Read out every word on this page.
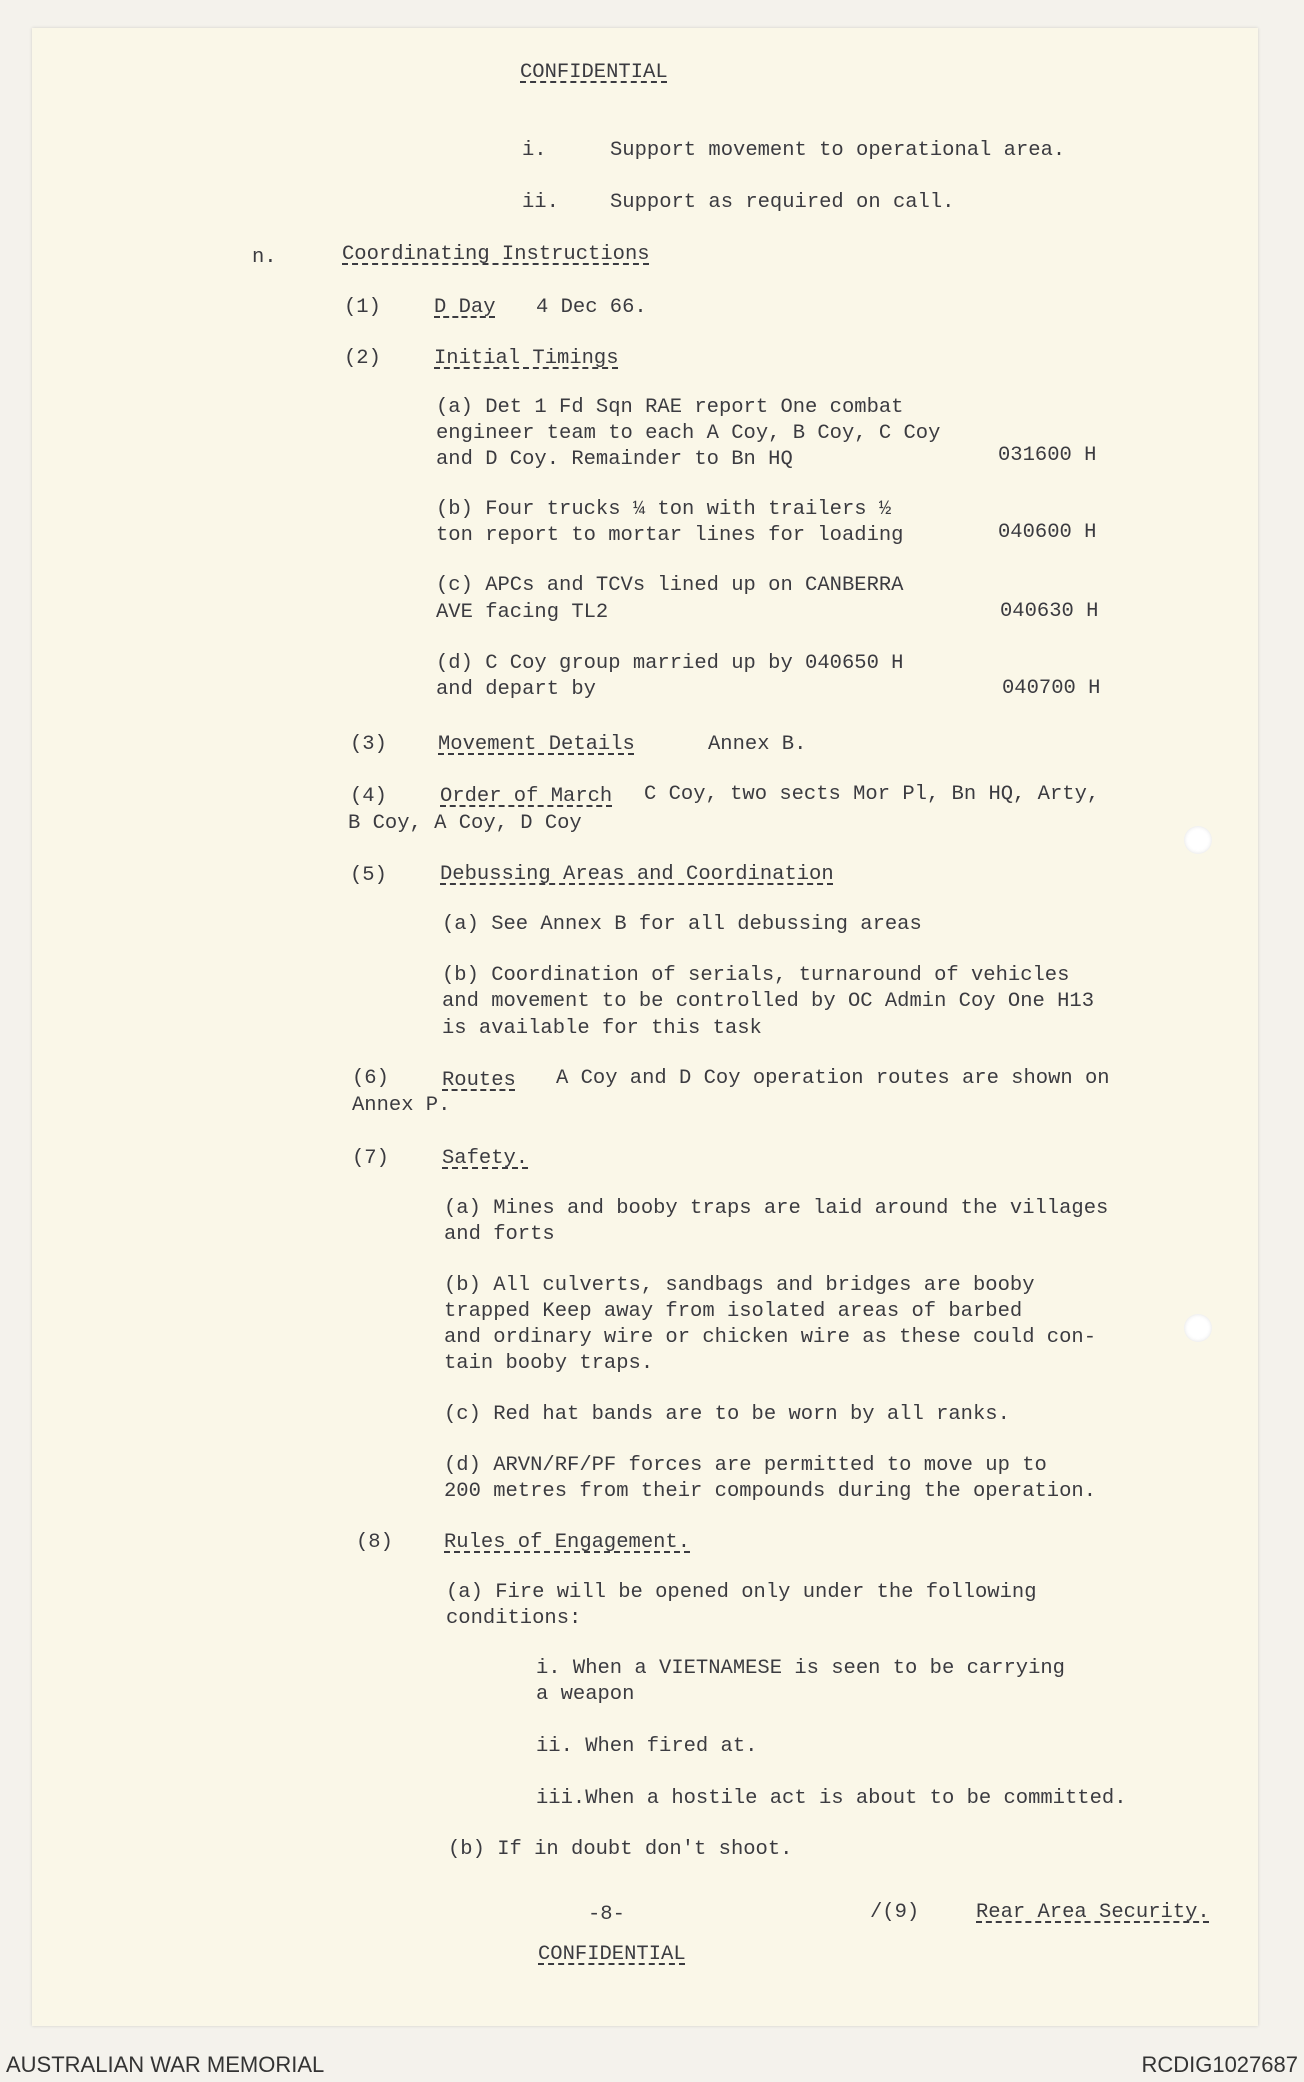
CONFIDENTIAL
i.	Support movement to operational area.
ii. Support as required on call.
n.	Coordinating Instructions
(1)	D Day 4 Dec 66.
(2)	Initial Timings
(a) Det 1 Fd Sqn RAE report One combat
engineer team to each A Coy, B Coy, C Coy
and D Coy. Remainder to Bn HQ	031600 H
(b) Four trucks ¼ ton with trailers ½
ton report to mortar lines for loading	040600 H
(c) APCs and TCVs lined up on CANBERRA
AVE facing TL2	040630 H
(d) C Coy group married up by 040650 H
and depart by	040700 H
(3) Movement Details	Annex B.
(4)	Order of March C Coy, two sects Mor Pl, Bn HQ, Arty,
B Coy, A Coy, D Coy
(5)	Debussing Areas and Coordination
(a) See Annex B for all debussing areas
(b) Coordination of serials, turnaround of vehicles
and movement to be controlled by OC Admin Coy One H13
is available for this task
(6)	Routes A Coy and D Coy operation routes are shown on
Annex P.
(7)	Safety.
(a) Mines and booby traps are laid around the villages
and forts
(b) All culverts, sandbags and bridges are booby
trapped Keep away from isolated areas of barbed
and ordinary wire or chicken wire as these could con-
tain booby traps.
(c) Red hat bands are to be worn by all ranks.
(d) ARVN/RF/PF forces are permitted to move up to
200 metres from their compounds during the operation.
(8) Rules of Engagement.
(a) Fire will be opened only under the following
conditions:
i. When a VIETNAMESE is seen to be carrying
a weapon
ii. When fired at.
iii.When a hostile act is about to be committed.
(b) If in doubt don't shoot.
-8-	/(9)	Rear Area Security.
CONFIDENTIAL
AUSTRALIAN WAR MEMORIAL	RCDIG1027687
